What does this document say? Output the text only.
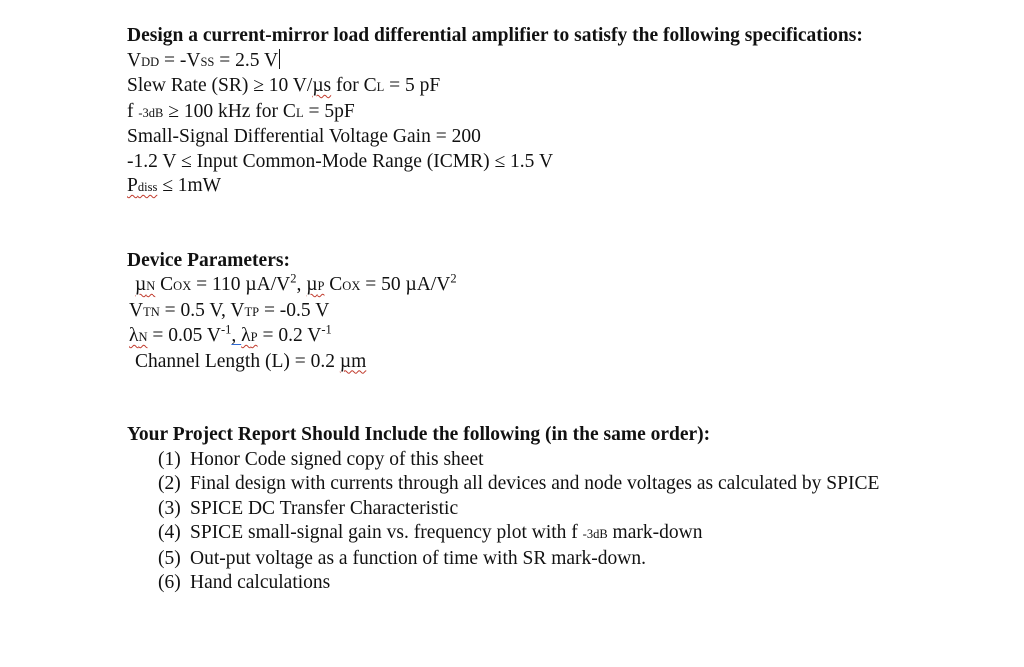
Design a current-mirror load differential amplifier to satisfy the following specifications:
VDD = -VSS = 2.5 V
Slew Rate (SR) ≥ 10 V/µs for CL = 5 pF
f -3dB ≥ 100 kHz for CL = 5pF
Small-Signal Differential Voltage Gain = 200
-1.2 V ≤ Input Common-Mode Range (ICMR) ≤ 1.5 V
Pdiss ≤ 1mW
Device Parameters:
µN COX = 110 $\mu A/V^2$, µP COX = 50 $\mu A/V^2$
VTN = 0.5 V, VTP = -0.5 V
λN = 0.05 $V^{-1}$, λP = 0.2 $V^{-1}$
Channel Length (L) = 0.2 µm
Your Project Report Should Include the following (in the same order):
(1) Honor Code signed copy of this sheet
(2) Final design with currents through all devices and node voltages as calculated by SPICE
(3) SPICE DC Transfer Characteristic
(4) SPICE small-signal gain vs. frequency plot with f -3dB mark-down
(5) Out-put voltage as a function of time with SR mark-down.
(6) Hand calculations
